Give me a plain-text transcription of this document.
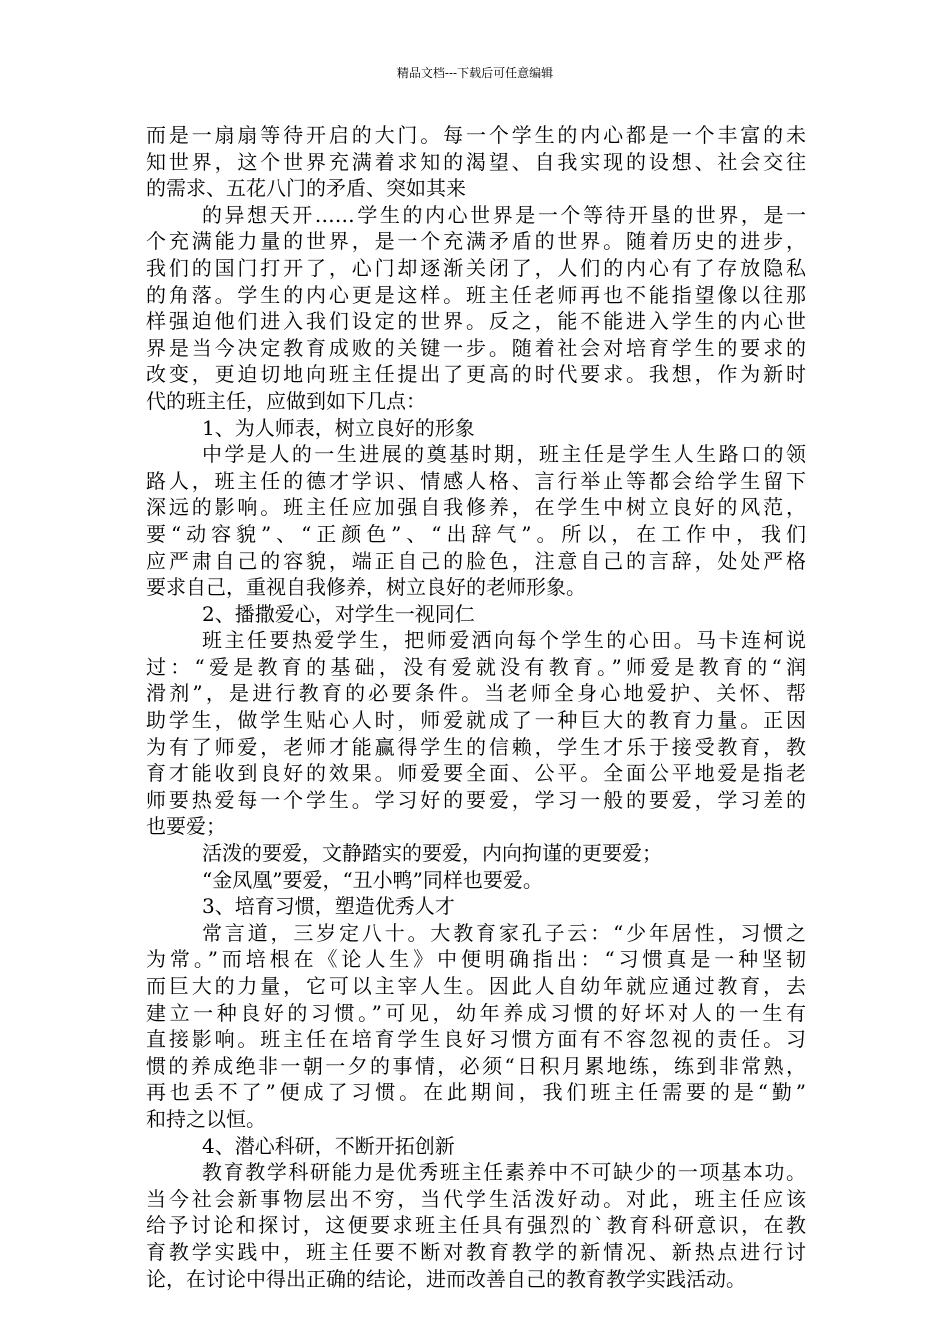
精品文档---下载后可任意编辑
而是一扇扇等待开启的大门。每一个学生的内心都是一个丰富的未
知世界，这个世界充满着求知的渴望、自我实现的设想、社会交往
的需求、五花八门的矛盾、突如其来
的异想天开……学生的内心世界是一个等待开垦的世界，是一
个充满能力量的世界，是一个充满矛盾的世界。随着历史的进步，
我们的国门打开了，心门却逐渐关闭了，人们的内心有了存放隐私
的角落。学生的内心更是这样。班主任老师再也不能指望像以往那
样强迫他们进入我们设定的世界。反之，能不能进入学生的内心世
界是当今决定教育成败的关键一步。随着社会对培育学生的要求的
改变，更迫切地向班主任提出了更高的时代要求。我想，作为新时
代的班主任，应做到如下几点：
1、为人师表，树立良好的形象
中学是人的一生进展的奠基时期，班主任是学生人生路口的领
路人，班主任的德才学识、情感人格、言行举止等都会给学生留下
深远的影响。班主任应加强自我修养，在学生中树立良好的风范，
要“动容貌”、“正颜色”、“出辞气”。所以，在工作中，我们
应严肃自己的容貌，端正自己的脸色，注意自己的言辞，处处严格
要求自己，重视自我修养，树立良好的老师形象。
2、播撒爱心，对学生一视同仁
班主任要热爱学生，把师爱洒向每个学生的心田。马卡连柯说
过：“爱是教育的基础，没有爱就没有教育。”师爱是教育的“润
滑剂”，是进行教育的必要条件。当老师全身心地爱护、关怀、帮
助学生，做学生贴心人时，师爱就成了一种巨大的教育力量。正因
为有了师爱，老师才能赢得学生的信赖，学生才乐于接受教育，教
育才能收到良好的效果。师爱要全面、公平。全面公平地爱是指老
师要热爱每一个学生。学习好的要爱，学习一般的要爱，学习差的
也要爱；
活泼的要爱，文静踏实的要爱，内向拘谨的更要爱；
“金凤凰”要爱，“丑小鸭”同样也要爱。
3、培育习惯，塑造优秀人才
常言道，三岁定八十。大教育家孔子云：“少年居性，习惯之
为常。”而培根在《论人生》中便明确指出：“习惯真是一种坚韧
而巨大的力量，它可以主宰人生。因此人自幼年就应通过教育，去
建立一种良好的习惯。”可见，幼年养成习惯的好坏对人的一生有
直接影响。班主任在培育学生良好习惯方面有不容忽视的责任。习
惯的养成绝非一朝一夕的事情，必须“日积月累地练，练到非常熟，
再也丢不了”便成了习惯。在此期间，我们班主任需要的是“勤”
和持之以恒。
4、潜心科研，不断开拓创新
教育教学科研能力是优秀班主任素养中不可缺少的一项基本功。
当今社会新事物层出不穷，当代学生活泼好动。对此，班主任应该
给予讨论和探讨，这便要求班主任具有强烈的`教育科研意识，在教
育教学实践中，班主任要不断对教育教学的新情况、新热点进行讨
论，在讨论中得出正确的结论，进而改善自己的教育教学实践活动。
